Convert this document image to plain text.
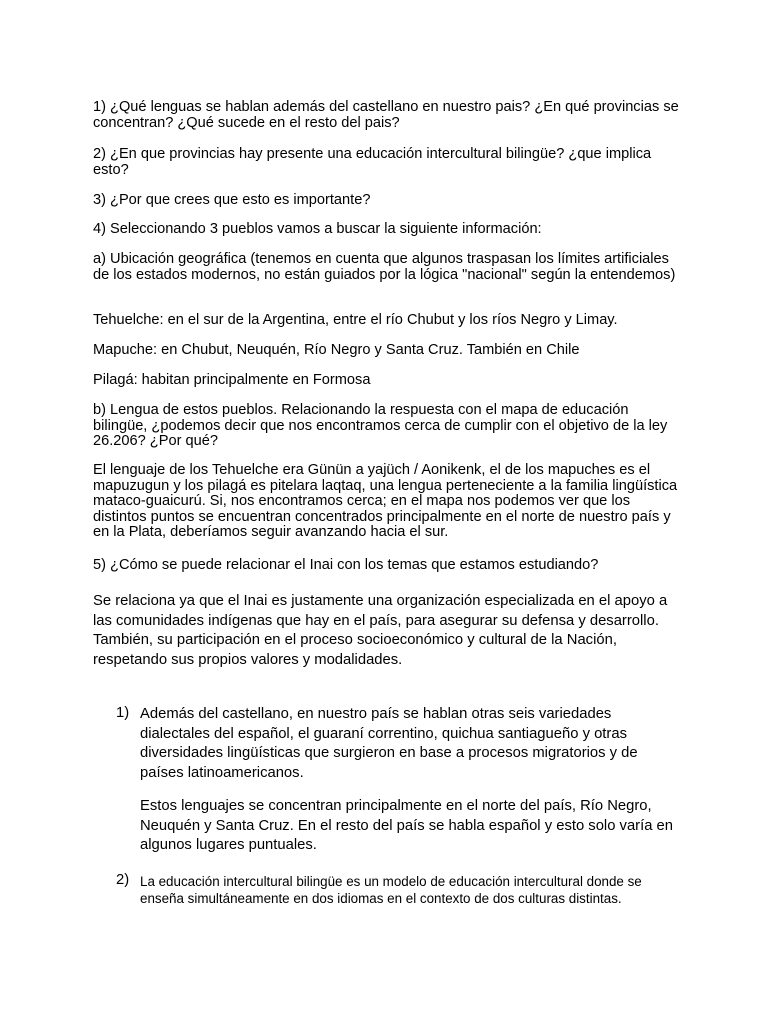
1) ¿Qué lenguas se hablan además del castellano en nuestro pais? ¿En qué provincias se concentran? ¿Qué sucede en el resto del pais?

2) ¿En que provincias hay presente una educación intercultural bilingüe? ¿que implica esto?

3) ¿Por que crees que esto es importante?

4) Seleccionando 3 pueblos vamos a buscar la siguiente información:

a) Ubicación geográfica (tenemos en cuenta que algunos traspasan los límites artificiales de los estados modernos, no están guiados por la lógica "nacional" según la entendemos)

Tehuelche: en el sur de la Argentina, entre el río Chubut y los ríos Negro y Limay.

Mapuche: en Chubut, Neuquén, Río Negro y Santa Cruz. También en Chile

Pilagá: habitan principalmente en Formosa

b) Lengua de estos pueblos. Relacionando la respuesta con el mapa de educación bilingüe, ¿podemos decir que nos encontramos cerca de cumplir con el objetivo de la ley 26.206? ¿Por qué?

El lenguaje de los Tehuelche era Günün a yajüch / Aonikenk, el de los mapuches es el mapuzugun y los pilagá es pitelara laqtaq, una lengua perteneciente a la familia lingüística mataco-guaicurú. Si, nos encontramos cerca; en el mapa nos podemos ver que los distintos puntos se encuentran concentrados principalmente en el norte de nuestro país y en la Plata, deberíamos seguir avanzando hacia el sur.

5) ¿Cómo se puede relacionar el Inai con los temas que estamos estudiando?

Se relaciona ya que el Inai es justamente una organización especializada en el apoyo a las comunidades indígenas que hay en el país, para asegurar su defensa y desarrollo. También, su participación en el proceso socioeconómico y cultural de la Nación, respetando sus propios valores y modalidades.

1) Además del castellano, en nuestro país se hablan otras seis variedades dialectales del español, el guaraní correntino, quichua santiagueño y otras diversidades lingüísticas que surgieron en base a procesos migratorios y de países latinoamericanos.

Estos lenguajes se concentran principalmente en el norte del país, Río Negro, Neuquén y Santa Cruz. En el resto del país se habla español y esto solo varía en algunos lugares puntuales.

2) La educación intercultural bilingüe es un modelo de educación intercultural donde se enseña simultáneamente en dos idiomas en el contexto de dos culturas distintas.
